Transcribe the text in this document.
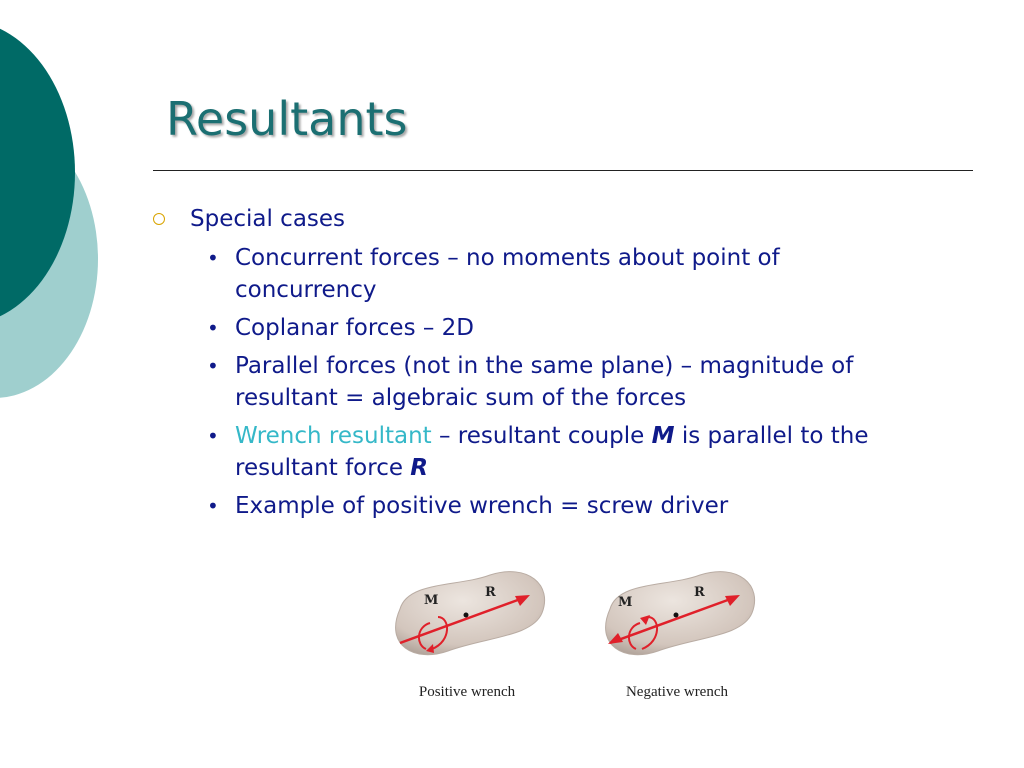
Resultants
Special cases
• Concurrent forces – no moments about point of concurrency
• Coplanar forces – 2D
• Parallel forces (not in the same plane) – magnitude of resultant = algebraic sum of the forces
• Wrench resultant – resultant couple M is parallel to the resultant force R
• Example of positive wrench = screw driver
M
R
Positive wrench
M
R
Negative wrench
